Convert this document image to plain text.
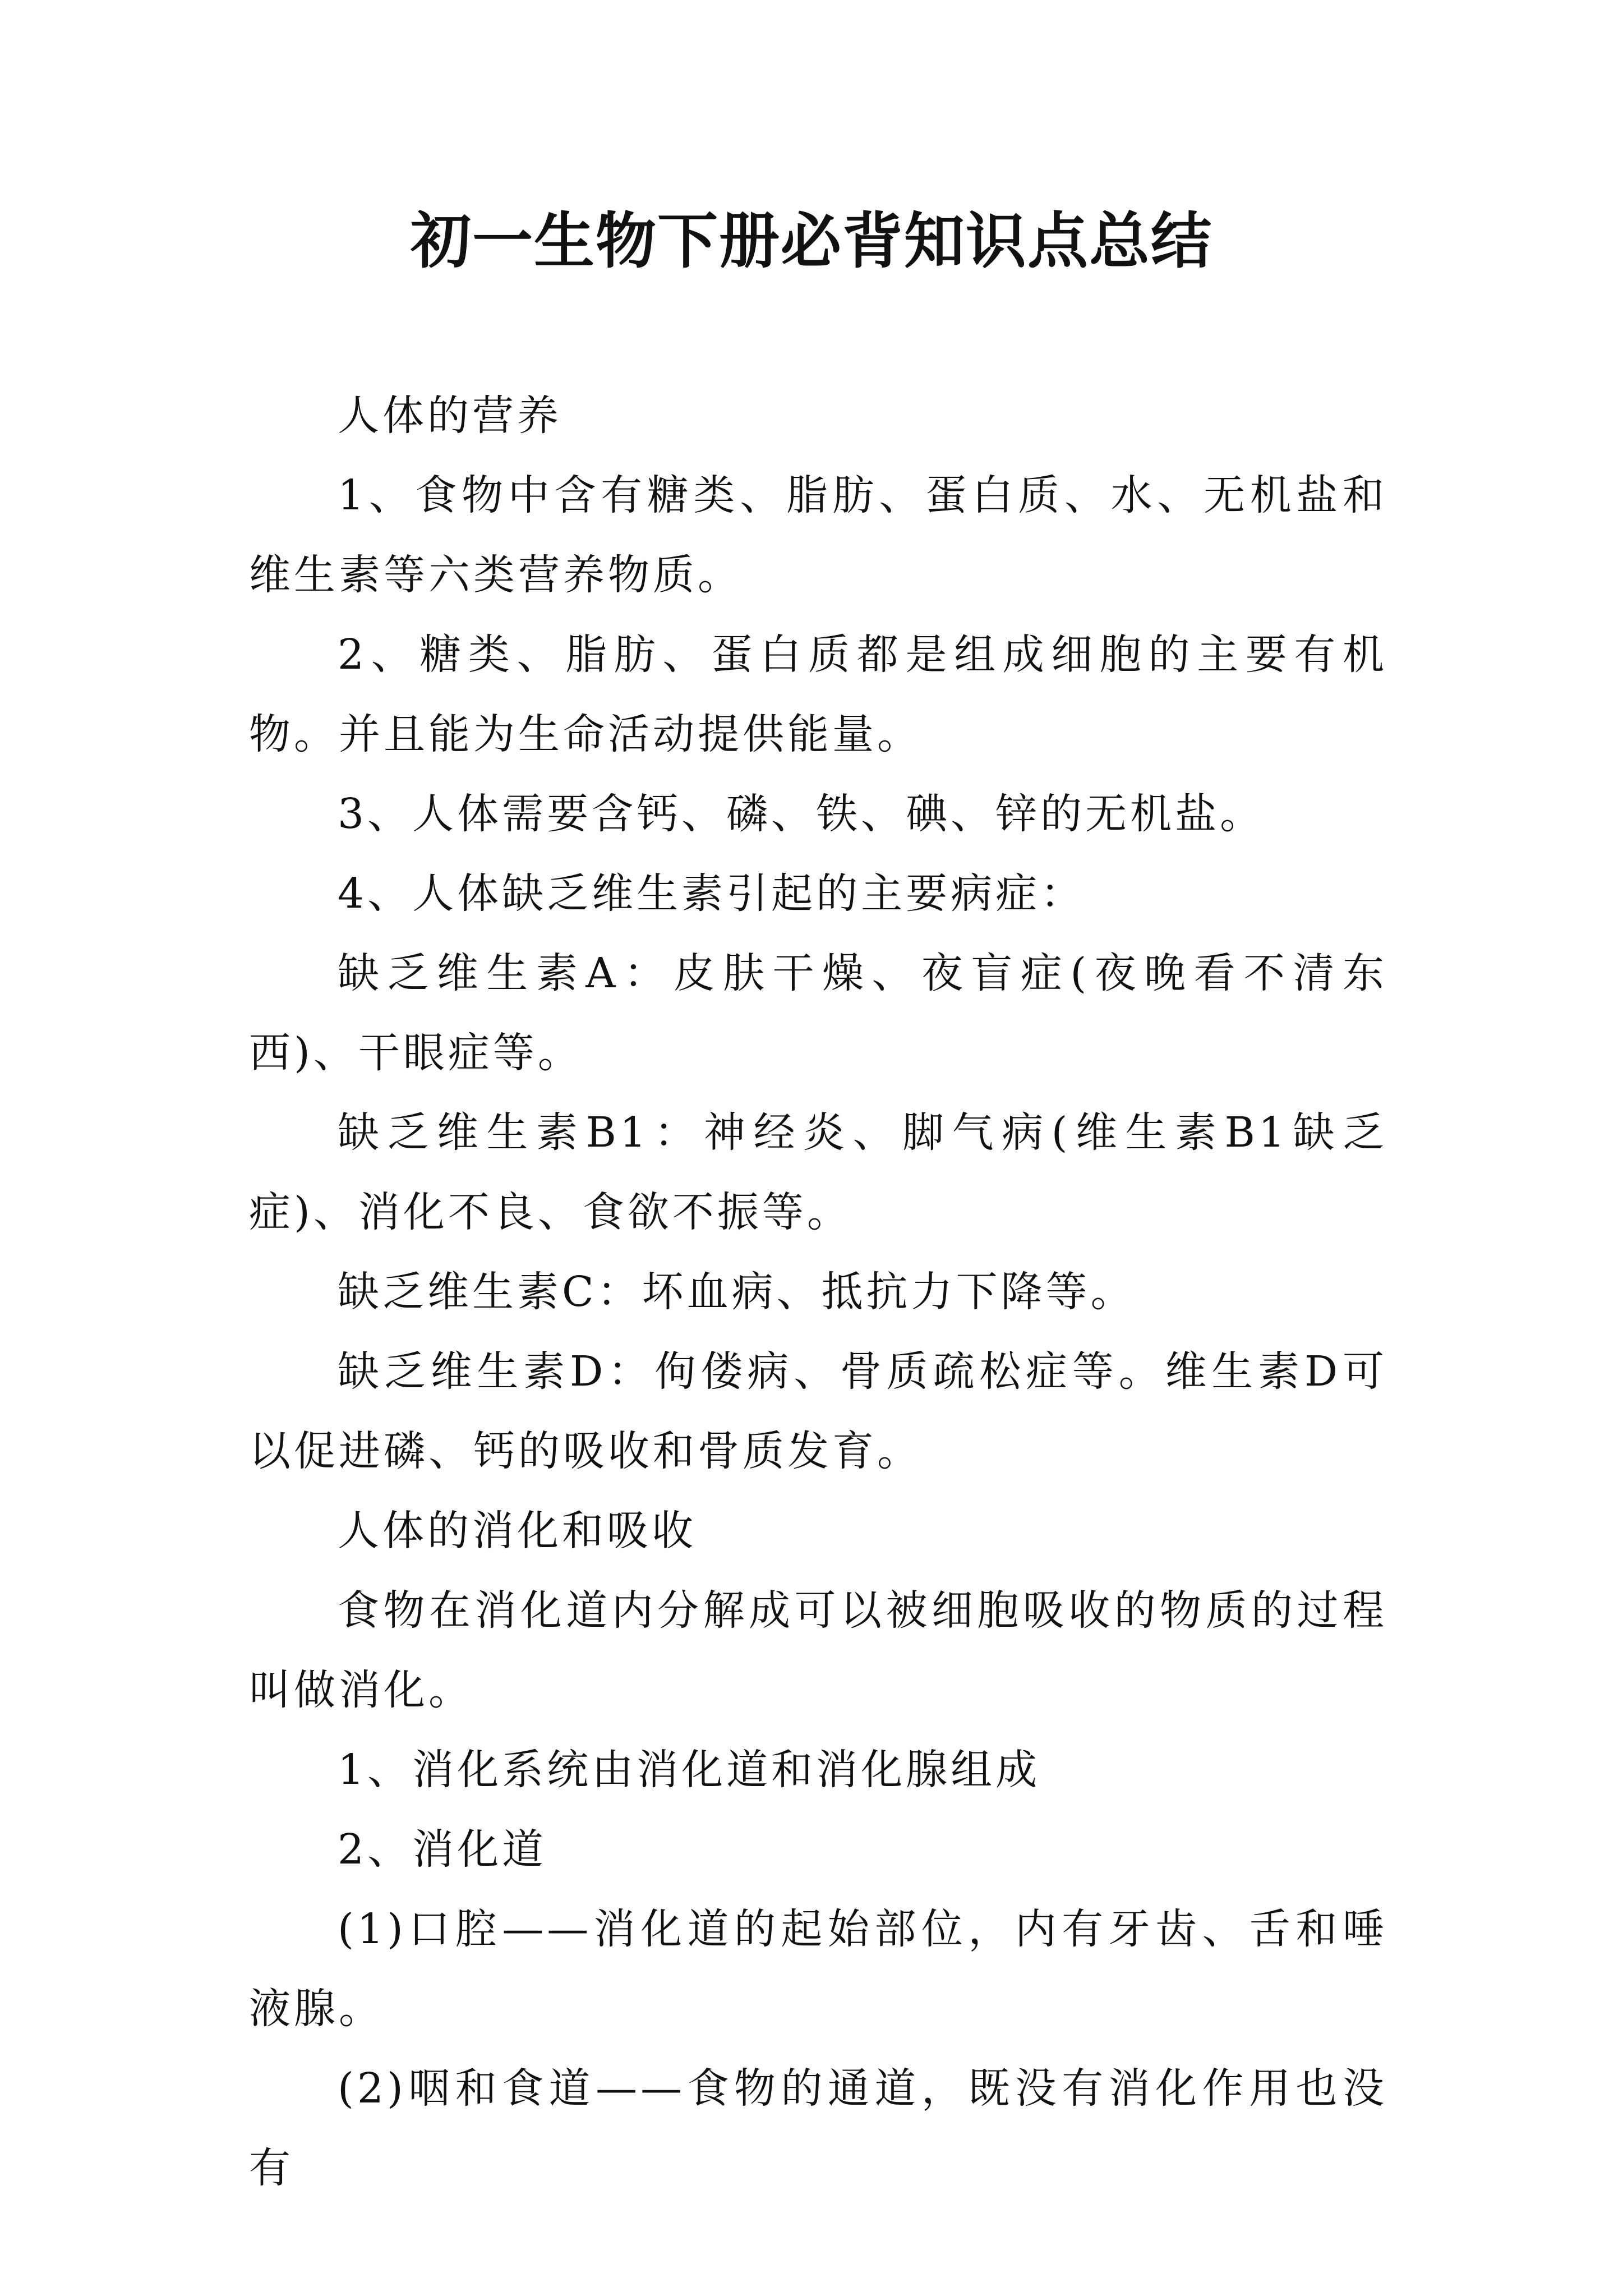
初一生物下册必背知识点总结

人体的营养

1、食物中含有糖类、脂肪、蛋白质、水、无机盐和维生素等六类营养物质。

2、糖类、脂肪、蛋白质都是组成细胞的主要有机物。并且能为生命活动提供能量。

3、人体需要含钙、磷、铁、碘、锌的无机盐。

4、人体缺乏维生素引起的主要病症：

缺乏维生素A：皮肤干燥、夜盲症(夜晚看不清东西)、干眼症等。

缺乏维生素B1：神经炎、脚气病(维生素B1缺乏症)、消化不良、食欲不振等。

缺乏维生素C：坏血病、抵抗力下降等。

缺乏维生素D：佝偻病、骨质疏松症等。维生素D可以促进磷、钙的吸收和骨质发育。

人体的消化和吸收

食物在消化道内分解成可以被细胞吸收的物质的过程叫做消化。

1、消化系统由消化道和消化腺组成

2、消化道

(1)口腔——消化道的起始部位，内有牙齿、舌和唾液腺。

(2)咽和食道——食物的通道，既没有消化作用也没有
